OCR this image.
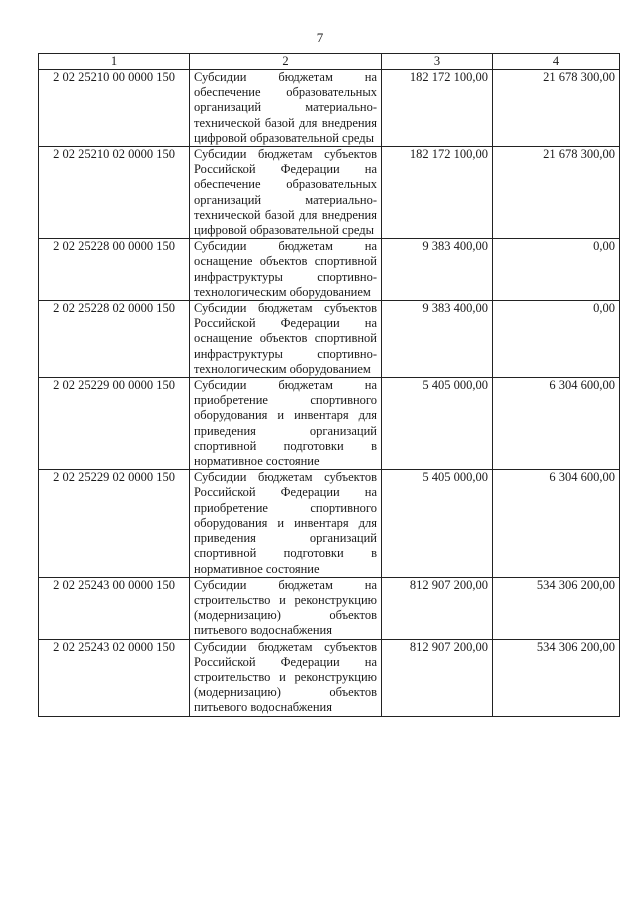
7
1	2	3	4
2 02 25210 00 0000 150	Субсидии бюджетам на обеспечение образовательных организаций материально-технической базой для внедрения цифровой образовательной среды	182 172 100,00	21 678 300,00
2 02 25210 02 0000 150	Субсидии бюджетам субъектов Российской Федерации на обеспечение образовательных организаций материально-технической базой для внедрения цифровой образовательной среды	182 172 100,00	21 678 300,00
2 02 25228 00 0000 150	Субсидии бюджетам на оснащение объектов спортивной инфраструктуры спортивно-технологическим оборудованием	9 383 400,00	0,00
2 02 25228 02 0000 150	Субсидии бюджетам субъектов Российской Федерации на оснащение объектов спортивной инфраструктуры спортивно-технологическим оборудованием	9 383 400,00	0,00
2 02 25229 00 0000 150	Субсидии бюджетам на приобретение спортивного оборудования и инвентаря для приведения организаций спортивной подготовки в нормативное состояние	5 405 000,00	6 304 600,00
2 02 25229 02 0000 150	Субсидии бюджетам субъектов Российской Федерации на приобретение спортивного оборудования и инвентаря для приведения организаций спортивной подготовки в нормативное состояние	5 405 000,00	6 304 600,00
2 02 25243 00 0000 150	Субсидии бюджетам на строительство и реконструкцию (модернизацию) объектов питьевого водоснабжения	812 907 200,00	534 306 200,00
2 02 25243 02 0000 150	Субсидии бюджетам субъектов Российской Федерации на строительство и реконструкцию (модернизацию) объектов питьевого водоснабжения	812 907 200,00	534 306 200,00
